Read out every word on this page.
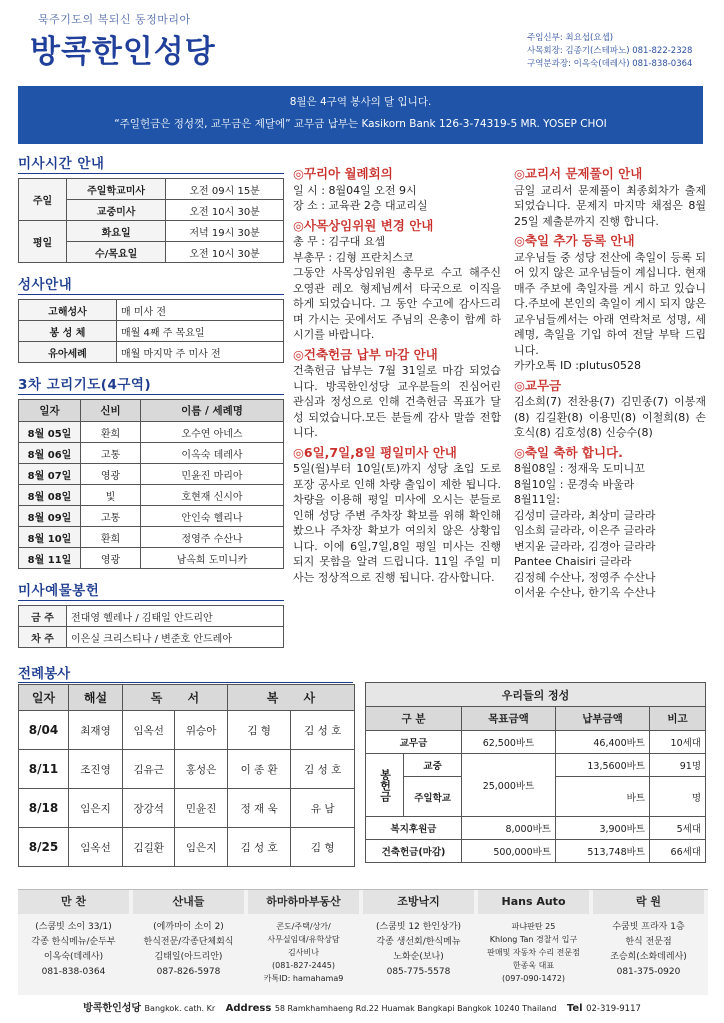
묵주기도의 복되신 동정마리아
방콕한인성당	주임신부: 최요섭(요셉)
사목회장: 김종기(스테파노) 081-822-2328
구역분과장: 이옥숙(데레사) 081-838-0364
8월은 4구역 봉사의 달 입니다.
“주일헌금은 정성껏, 교무금은 제달에” 교무금 납부는 Kasikorn Bank 126-3-74319-5 MR. YOSEP CHOI
미사시간 안내
주일	주일학교미사	오전 09시 15분
	교중미사	오전 10시 30분
평일	화요일	저녁 19시 30분
	수/목요일	오전 10시 30분
성사안내
고해성사	매 미사 전
봉 성 체	매월 4째 주 목요일
유아세례	매월 마지막 주 미사 전
3차 고리기도(4구역)
일자	신비	이름 / 세례명
8월 05일	환희	오수연 아네스
8월 06일	고통	이옥숙 데레사
8월 07일	영광	민윤진 마리아
8월 08일	빛	호현재 신시아
8월 09일	고통	안인숙 헬리나
8월 10일	환희	정영주 수산나
8월 11일	영광	남옥희 도미니카
미사예물봉헌
금 주	전대영 헬레나 / 김태일 안드리안
차 주	이은실 크리스티나 / 변준호 안드레아
◎꾸리아 월례회의
일 시 : 8월04일 오전 9시
장 소 : 교육관 2층 대교리실
◎사목상임위원 변경 안내
총 무 : 김구대 요셉
부총무 : 김형 프란치스코
그동안 사목상임위원 총무로 수고 해주신 오영관 레오 형제님께서 타국으로 이직을 하게 되었습니다. 그 동안 수고에 감사드리며 가시는 곳에서도 주님의 은총이 함께 하시기를 바랍니다.
◎건축헌금 납부 마감 안내
건축헌금 납부는 7월 31일로 마감 되었습니다. 방콕한인성당 교우분들의 진심어린 관심과 정성으로 인해 건축헌금 목표가 달성 되었습니다.모든 분들께 감사 말씀 전합니다.
◎6일,7일,8일 평일미사 안내
5일(월)부터 10일(토)까지 성당 초입 도로 포장 공사로 인해 차량 출입이 제한 됩니다. 차량을 이용해 평일 미사에 오시는 분들로 인해 성당 주변 주차장 확보를 위해 확인해 봤으나 주차장 확보가 여의치 않은 상황입니다. 이에 6일,7일,8일 평일 미사는 진행 되지 못함을 알려 드립니다. 11일 주일 미사는 정상적으로 진행 됩니다. 감사합니다.
◎교리서 문제풀이 안내
금일 교리서 문제풀이 최종회차가 출제 되었습니다. 문제지 마지막 채점은 8월25일 제출분까지 진행 합니다.
◎축일 추가 등록 안내
교우님들 중 성당 전산에 축일이 등록 되어 있지 않은 교우님들이 계십니다. 현재 매주 주보에 축일자를 게시 하고 있습니다.주보에 본인의 축일이 게시 되지 않은 교우님들께서는 아래 연락처로 성명, 세례명, 축일을 기입 하여 전달 부탁 드립니다.
카카오톡 ID :plutus0528
◎교무금
김소희(7) 전찬용(7) 김민종(7) 이봉재(8) 김길환(8) 이용민(8) 이철희(8) 손호식(8) 김호성(8) 신승수(8)
◎축일 축하 합니다.
8월08일 : 정재욱 도미니꼬
8월10일 : 문경숙 바울라
8월11일:
김성미 글라라, 최상미 글라라
임소희 글라라, 이은주 글라라
변지윤 글라라, 김경아 글라라
Pantee Chaisiri 글라라
김정혜 수산나, 정영주 수산나
이서윤 수산나, 한기옥 수산나
전례봉사
일자	해설	독 서		복 사	
8/04	최재영	임옥선	위승아	김 형	김 성 호
8/11	조진영	김유근	홍성은	이 종 환	김 성 호
8/18	임은지	장강석	민윤진	정 재 욱	유 남
8/25	임옥선	김길환	임은지	김 성 호	김 형
우리들의 정성				
구 분		목표금액	납부금액	비고
교무금		62,500바트	46,400바트	10세대
봉헌금	교중	25,000바트	13,5600바트	91명
	주일학교		바트	명
복지후원금		8,000바트	3,900바트	5세대
건축헌금(마감)		500,000바트	513,748바트	66세대
만 찬
(스쿰빗 소이 33/1)
각종 한식메뉴/순두부
이옥숙(데레사)
081-838-0364
산내들
(에까마이 소이 2)
한식전문/각종단체회식
김태일(아드리안)
087-826-5978
하마하마부동산
콘도/주택/상가/
사무실임대/유학상담
김사비나
(081-827-2445)
카톡ID: hamahama9
조방낙지
(스쿰빗 12 한인상가)
각종 생선회/한식메뉴
노화순(보나)
085-775-5578
Hans Auto
파냐판탄 25
Khlong Tan 경찰서 입구
판매및 자동차 수리 전문점
한종욱 대표
(097-090-1472)
락 원
수쿰빗 프라자 1층
한식 전문점
조승희(소화데레사)
081-375-0920
방콕한인성당 Bangkok. cath. Kr Address 58 Ramkhamhaeng Rd.22 Huamak Bangkapi Bangkok 10240 Thailand Tel 02-319-9117
